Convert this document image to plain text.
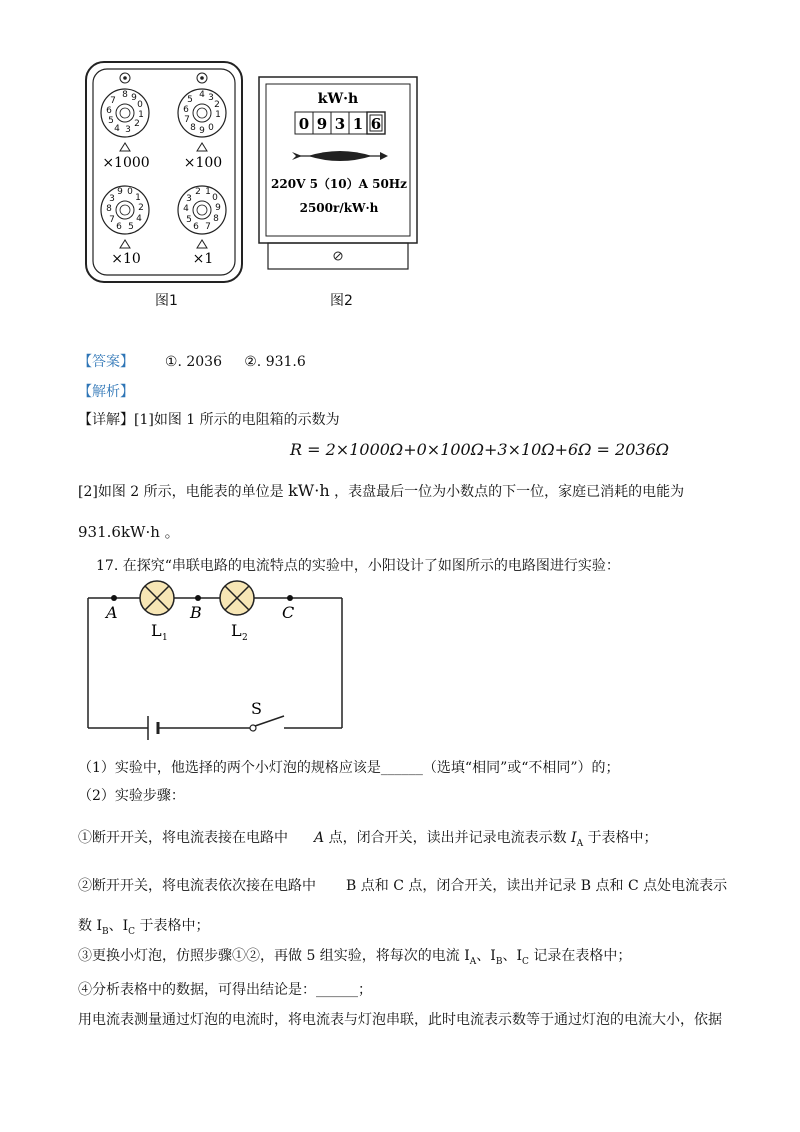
8 9
0
1
2
3
4
5
6
7
4 3
2
1
0
9
8
7
6
5
×1000 ×100
9 0
1
2
4
5
6
7
8
3
2 1
0
9
8
7
6
5
4
3
×10	×1
图1
kW·h
0 9 3 1 6
220V 5（10）A 50Hz
2500r/kW·h
图2
【答案】 ①. 2036     ②. 931.6
【解析】
【详解】[1]如图 1 所示的电阻箱的示数为
R = 2×1000Ω+0×100Ω+3×10Ω+6Ω = 2036Ω
[2]如图 2 所示，电能表的单位是 kW·h ，表盘最后一位为小数点的下一位，家庭已消耗的电能为
931.6kW·h 。
17. 在探究“串联电路的电流特点的实验中，小阳设计了如图所示的电路图进行实验：
A	B	C
L 1	L 2
S
（1）实验中，他选择的两个小灯泡的规格应该是______（选填“相同”或“不相同”）的；
（2）实验步骤：
①断开开关，将电流表接在电路中 A 点，闭合开关，读出并记录电流表示数 $I_A$ 于表格中；
②断开开关，将电流表依次接在电路中 B 点和 C 点，闭合开关，读出并记录 B 点和 C 点处电流表示
数 $I_B$、$I_C$ 于表格中；
③更换小灯泡，仿照步骤①②，再做 5 组实验，将每次的电流 $I_A$、$I_B$、$I_C$ 记录在表格中；
④分析表格中的数据，可得出结论是：______；
用电流表测量通过灯泡的电流时，将电流表与灯泡串联，此时电流表示数等于通过灯泡的电流大小，依据
